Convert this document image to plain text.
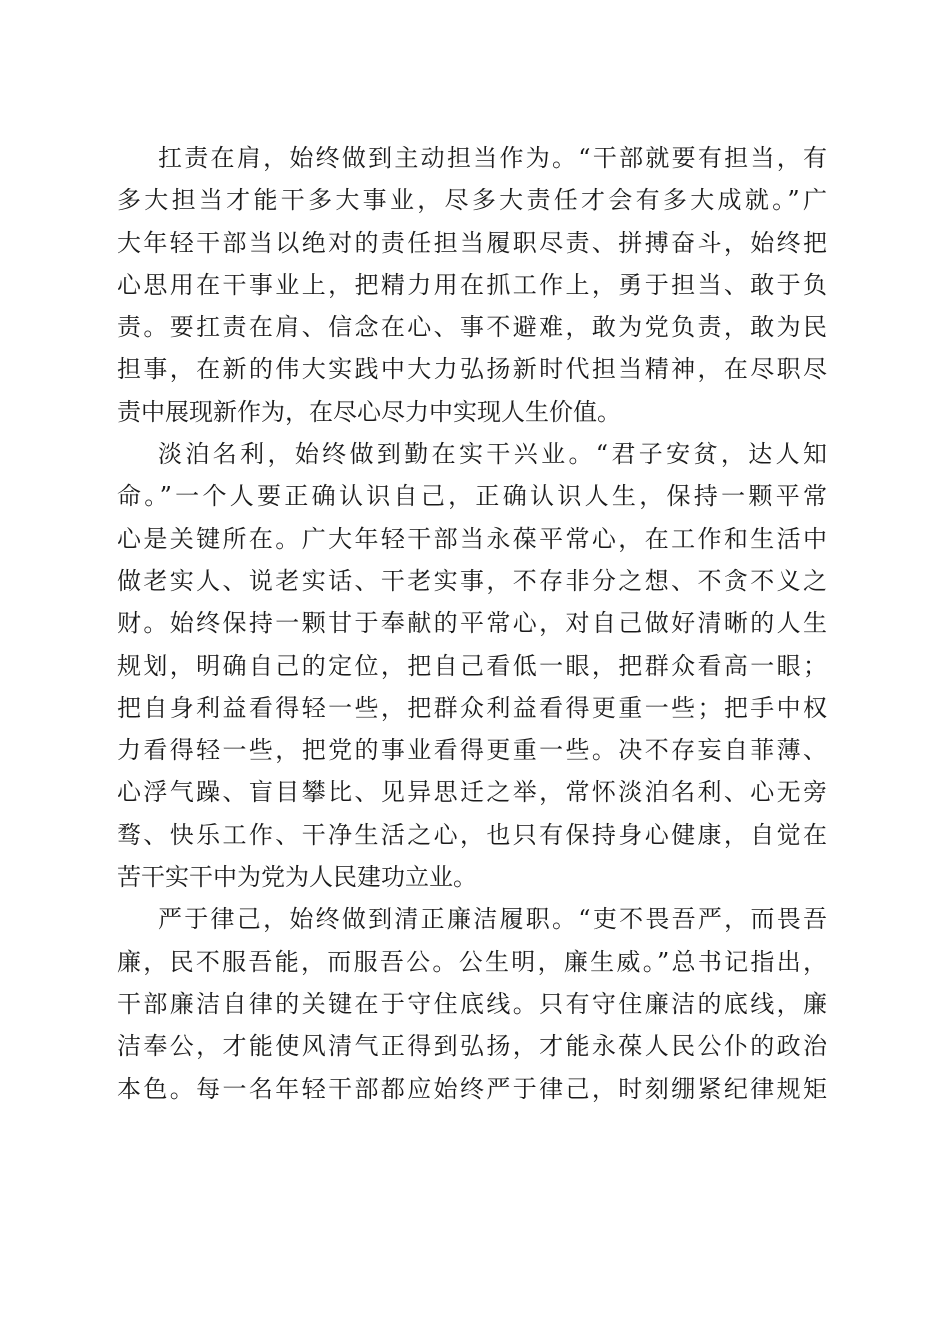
扛责在肩，始终做到主动担当作为。“干部就要有担当，有
多大担当才能干多大事业，尽多大责任才会有多大成就。”广
大年轻干部当以绝对的责任担当履职尽责、拼搏奋斗，始终把
心思用在干事业上，把精力用在抓工作上，勇于担当、敢于负
责。要扛责在肩、信念在心、事不避难，敢为党负责，敢为民
担事，在新的伟大实践中大力弘扬新时代担当精神，在尽职尽
责中展现新作为，在尽心尽力中实现人生价值。
淡泊名利，始终做到勤在实干兴业。“君子安贫，达人知
命。”一个人要正确认识自己，正确认识人生，保持一颗平常
心是关键所在。广大年轻干部当永葆平常心，在工作和生活中
做老实人、说老实话、干老实事，不存非分之想、不贪不义之
财。始终保持一颗甘于奉献的平常心，对自己做好清晰的人生
规划，明确自己的定位，把自己看低一眼，把群众看高一眼；
把自身利益看得轻一些，把群众利益看得更重一些；把手中权
力看得轻一些，把党的事业看得更重一些。决不存妄自菲薄、
心浮气躁、盲目攀比、见异思迁之举，常怀淡泊名利、心无旁
骛、快乐工作、干净生活之心，也只有保持身心健康，自觉在
苦干实干中为党为人民建功立业。
严于律己，始终做到清正廉洁履职。“吏不畏吾严，而畏吾
廉，民不服吾能，而服吾公。公生明，廉生威。”总书记指出，
干部廉洁自律的关键在于守住底线。只有守住廉洁的底线，廉
洁奉公，才能使风清气正得到弘扬，才能永葆人民公仆的政治
本色。每一名年轻干部都应始终严于律己，时刻绷紧纪律规矩
